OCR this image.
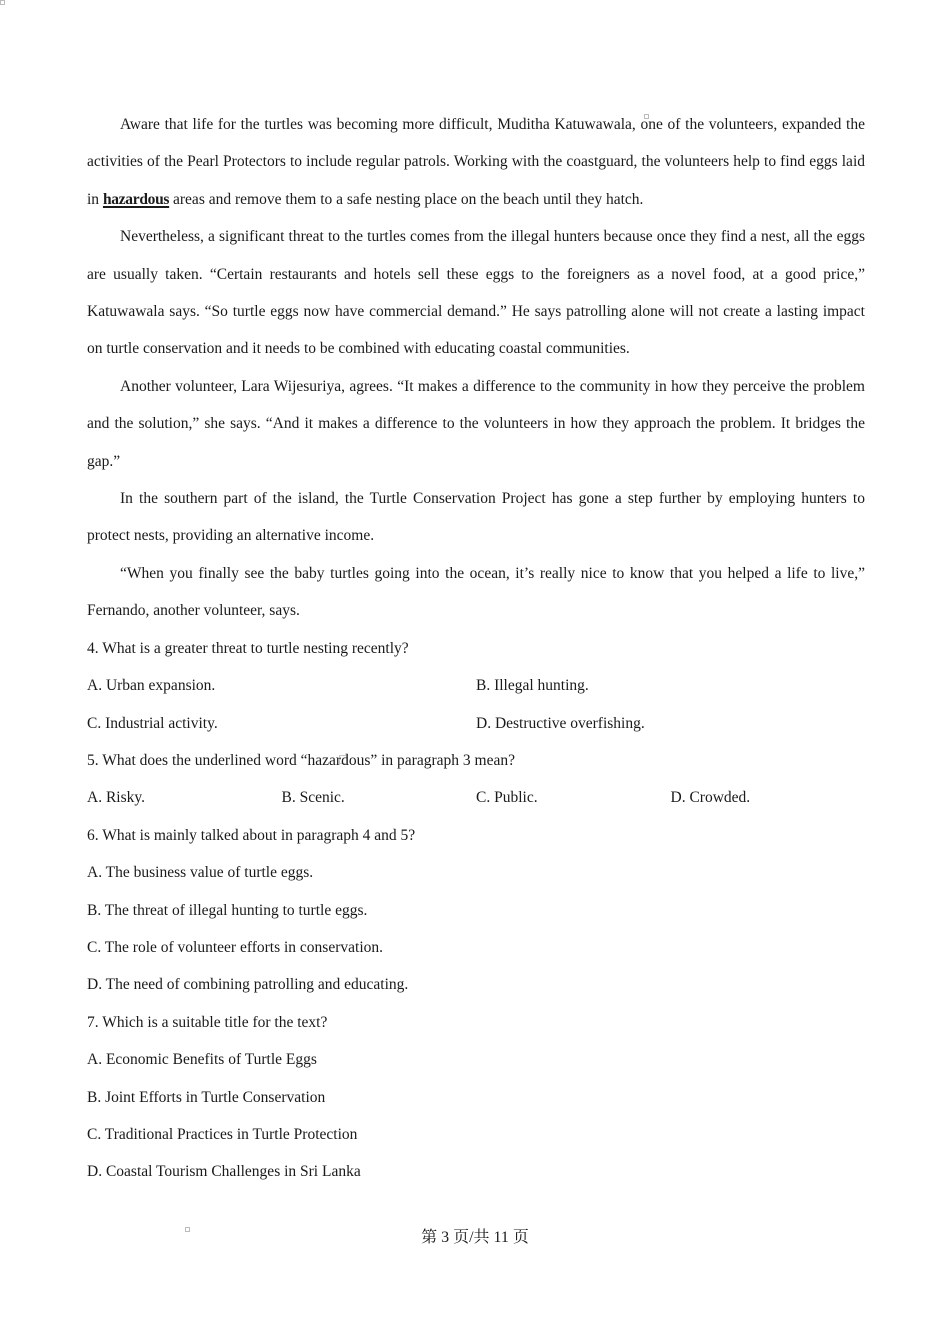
Aware that life for the turtles was becoming more difficult, Muditha Katuwawala, one of the volunteers, expanded the activities of the Pearl Protectors to include regular patrols. Working with the coastguard, the volunteers help to find eggs laid in hazardous areas and remove them to a safe nesting place on the beach until they hatch.

Nevertheless, a significant threat to the turtles comes from the illegal hunters because once they find a nest, all the eggs are usually taken. “Certain restaurants and hotels sell these eggs to the foreigners as a novel food, at a good price,” Katuwawala says. “So turtle eggs now have commercial demand.” He says patrolling alone will not create a lasting impact on turtle conservation and it needs to be combined with educating coastal communities.

Another volunteer, Lara Wijesuriya, agrees. “It makes a difference to the community in how they perceive the problem and the solution,” she says. “And it makes a difference to the volunteers in how they approach the problem. It bridges the gap.”

In the southern part of the island, the Turtle Conservation Project has gone a step further by employing hunters to protect nests, providing an alternative income.

“When you finally see the baby turtles going into the ocean, it’s really nice to know that you helped a life to live,” Fernando, another volunteer, says.

4. What is a greater threat to turtle nesting recently?

A. Urban expansion.	B. Illegal hunting.
C. Industrial activity.	D. Destructive overfishing.

5. What does the underlined word “hazardous” in paragraph 3 mean?

A. Risky.	B. Scenic.	C. Public.	D. Crowded.

6. What is mainly talked about in paragraph 4 and 5?

A. The business value of turtle eggs.

B. The threat of illegal hunting to turtle eggs.

C. The role of volunteer efforts in conservation.

D. The need of combining patrolling and educating.

7. Which is a suitable title for the text?

A. Economic Benefits of Turtle Eggs

B. Joint Efforts in Turtle Conservation

C. Traditional Practices in Turtle Protection

D. Coastal Tourism Challenges in Sri Lanka

第 3 页/共 11 页
